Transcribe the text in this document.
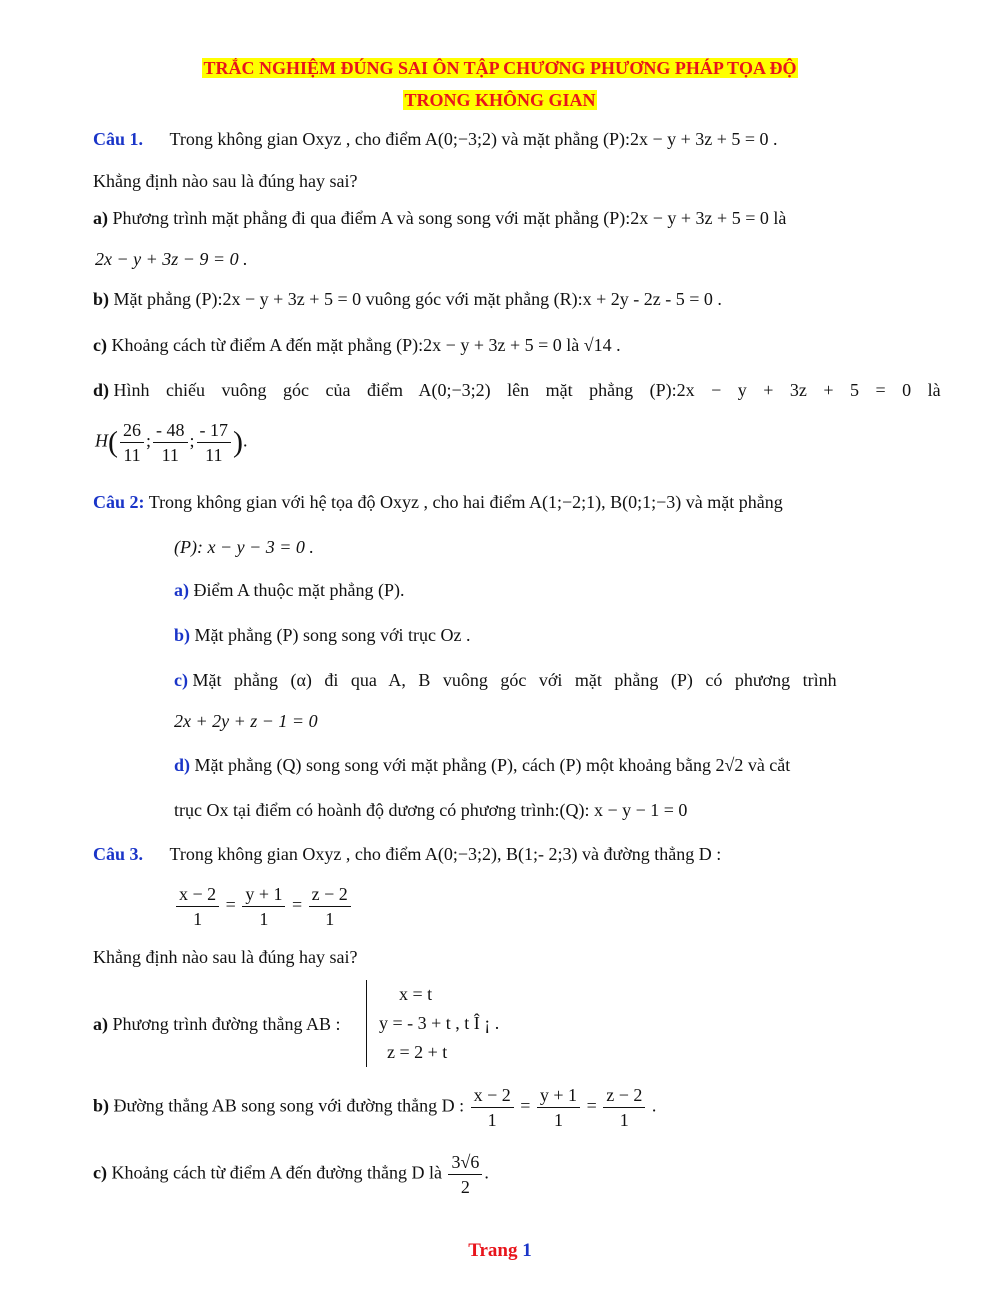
TRẮC NGHIỆM ĐÚNG SAI ÔN TẬP CHƯƠNG PHƯƠNG PHÁP TỌA ĐỘ
TRONG KHÔNG GIAN
Câu 1. Trong không gian Oxyz , cho điểm A(0;−3;2) và mặt phẳng (P):2x − y + 3z + 5 = 0 .
Khẳng định nào sau là đúng hay sai?
a) Phương trình mặt phẳng đi qua điểm A và song song với mặt phẳng (P):2x − y + 3z + 5 = 0 là
2x − y + 3z − 9 = 0 .
b) Mặt phẳng (P):2x − y + 3z + 5 = 0 vuông góc với mặt phẳng (R):x + 2y - 2z - 5 = 0 .
c) Khoảng cách từ điểm A đến mặt phẳng (P):2x − y + 3z + 5 = 0 là √14 .
d) Hình chiếu vuông góc của điểm A(0;−3;2) lên mặt phẳng (P):2x − y + 3z + 5 = 0 là
$H( \frac{26}{11}$ ; $\frac{- 48}{11}$ ; $\frac{- 17}{11}$ ).
Câu 2: Trong không gian với hệ tọa độ Oxyz , cho hai điểm A(1;−2;1), B(0;1;−3) và mặt phẳng
(P): x − y − 3 = 0 .
a) Điểm A thuộc mặt phẳng (P).
b) Mặt phẳng (P) song song với trục Oz .
c) Mặt phẳng (α) đi qua A, B vuông góc với mặt phẳng (P) có phương trình
2x + 2y + z − 1 = 0
d) Mặt phẳng (Q) song song với mặt phẳng (P), cách (P) một khoảng bằng 2√2 và cắt
trục Ox tại điểm có hoành độ dương có phương trình:(Q): x − y − 1 = 0
Câu 3. Trong không gian Oxyz , cho điểm A(0;−3;2), B(1;- 2;3) và đường thẳng D :
$\frac{x - 2}{1} = \frac{y + 1}{1} = \frac{z - 2}{1}$
Khẳng định nào sau là đúng hay sai?
a) Phương trình đường thẳng AB :
x = t
y = - 3 + t , t Î ¡ .
z = 2 + t
b) Đường thẳng AB song song với đường thẳng D : $\frac{x - 2}{1} = \frac{y + 1}{1} = \frac{z - 2}{1}$ .
c) Khoảng cách từ điểm A đến đường thẳng D là $\frac{3√6}{2}$ .
Trang 1
